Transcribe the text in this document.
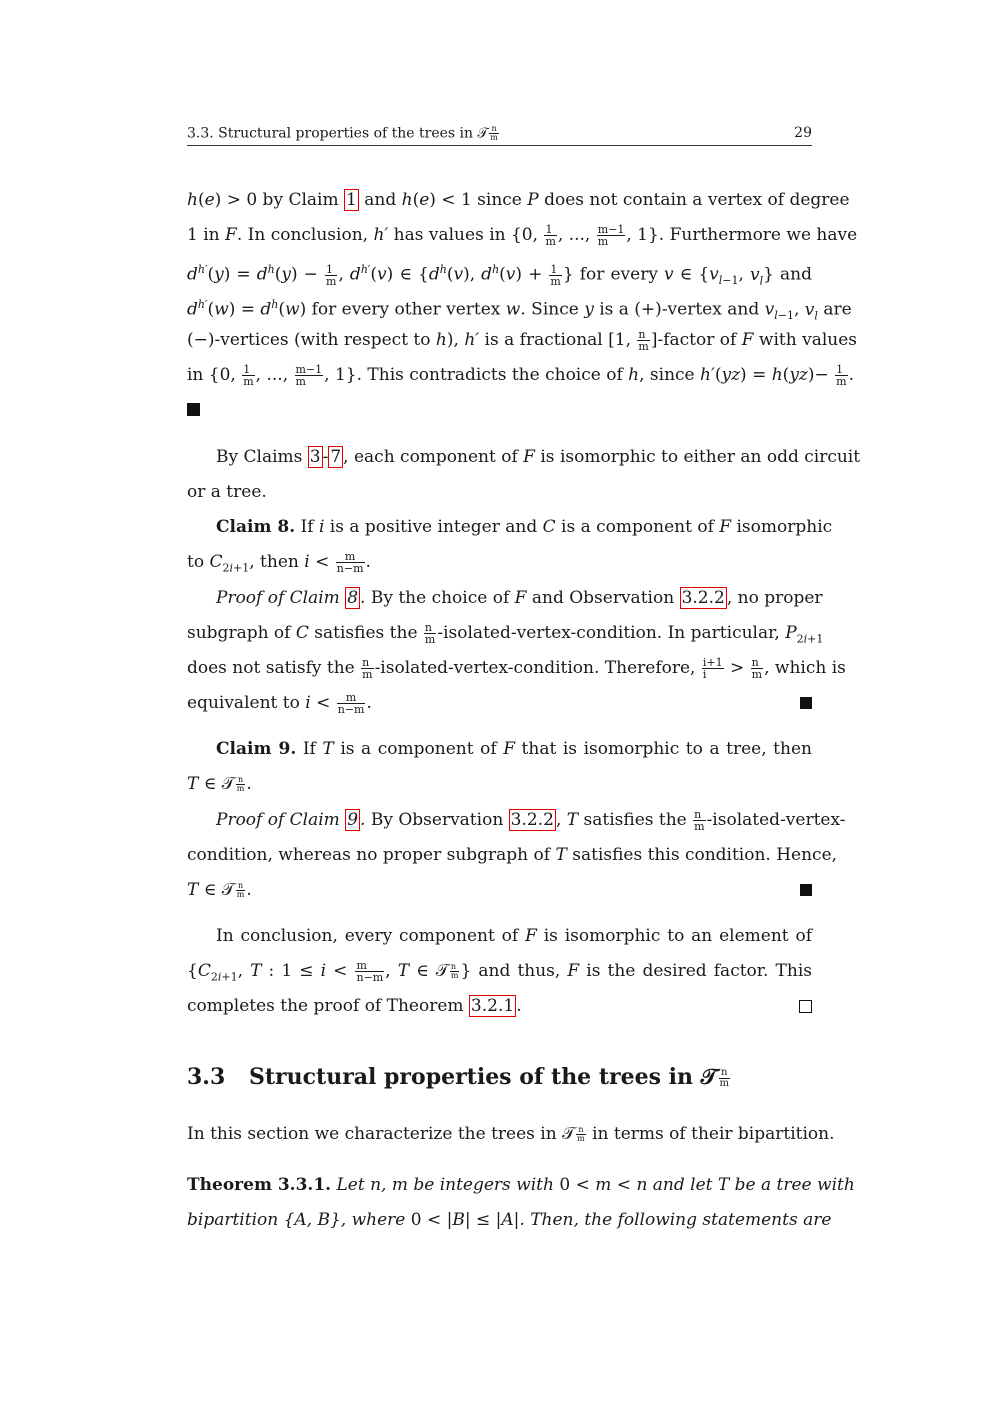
3.3. Structural properties of the trees in 𝒯 $\frac{n}{m}$	29
h(e) > 0 by Claim 1 and h(e) < 1 since P does not contain a vertex of degree
1 in F. In conclusion, h′ has values in {0, $\frac{1}{m}$ , ..., $\frac{m-1}{m}$ , 1}. Furthermore we have
$d^{h'}(y) = d^h(y) - \frac{1}{m}$ , $d^{h'}(v)$ ∈ {$d^h(v)$, $d^h(v) + \frac{1}{m}$ } for every v ∈ {$v_{l-1}$, $v_l$} and
$d^{h'}(w) = d^h(w)$ for every other vertex w. Since y is a (+)-vertex and $v_{l-1}$, $v_l$ are
(−)-vertices (with respect to h), h′ is a fractional [1, $\frac{n}{m}$ ]-factor of F with values
in {0, $\frac{1}{m}$ , ..., $\frac{m-1}{m}$ , 1}. This contradicts the choice of h, since $h'(yz) = h(yz)- \frac{1}{m}$ .
By Claims 3 - 7 , each component of F is isomorphic to either an odd circuit
or a tree.
Claim 8. If i is a positive integer and C is a component of F isomorphic
to $C_{2i+1}$, then $i < \frac{m}{n-m}$ .
Proof of Claim 8 . By the choice of F and Observation 3.2.2 , no proper
subgraph of C satisfies the $\frac{n}{m}$ -isolated-vertex-condition. In particular, $P_{2i+1}$
does not satisfy the $\frac{n}{m}$ -isolated-vertex-condition. Therefore, $\frac{i+1}{i} > \frac{n}{m}$ , which is
equivalent to $i < \frac{m}{n-m}$ .
Claim 9. If T is a component of F that is isomorphic to a tree, then
T ∈ 𝒯 $\frac{n}{m}$ .
Proof of Claim 9 . By Observation 3.2.2 , T satisfies the $\frac{n}{m}$ -isolated-vertex-
condition, whereas no proper subgraph of T satisfies this condition. Hence,
T ∈ 𝒯 $\frac{n}{m}$ .
In conclusion, every component of F is isomorphic to an element of
{$C_{2i+1}$, T : $1 \le i < \frac{m}{n-m}$ , T ∈ 𝒯 $\frac{n}{m}$ } and thus, F is the desired factor. This
completes the proof of Theorem 3.2.1 .
3.3 Structural properties of the trees in 𝒯 $\frac{n}{m}$
In this section we characterize the trees in 𝒯 $\frac{n}{m}$ in terms of their bipartition.
Theorem 3.3.1. Let n, m be integers with 0 < m < n and let T be a tree with
bipartition {A, B}, where 0 < |B| ≤ |A|. Then, the following statements are
